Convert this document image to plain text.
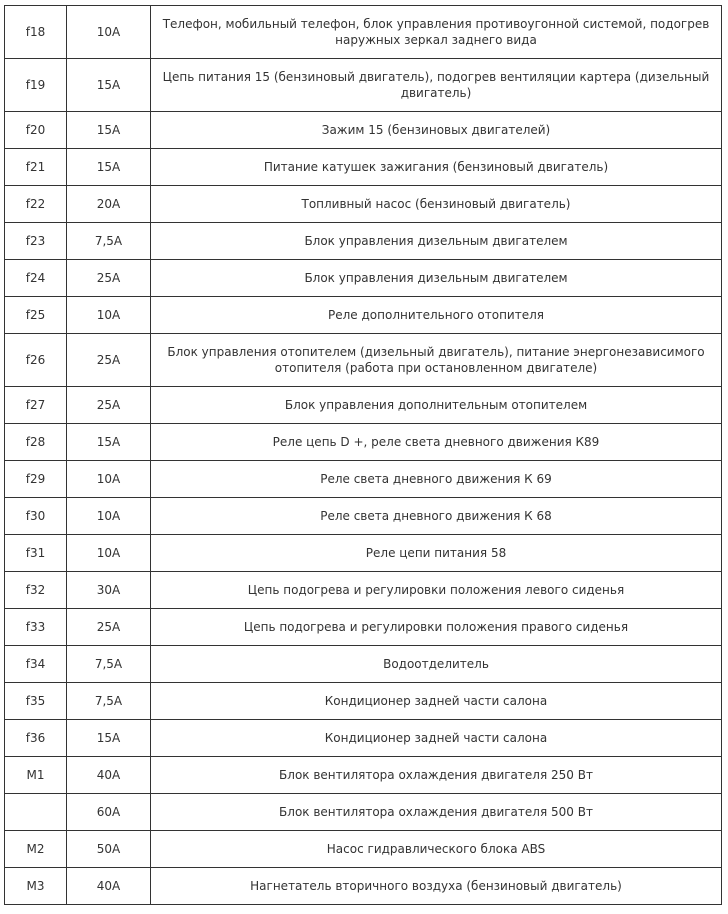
f18	10A	Телефон, мобильный телефон, блок управления противоугонной системой, подогрев наружных зеркал заднего вида
f19	15A	Цепь питания 15 (бензиновый двигатель), подогрев вентиляции картера (дизельный двигатель)
f20	15A	Зажим 15 (бензиновых двигателей)
f21	15A	Питание катушек зажигания (бензиновый двигатель)
f22	20A	Топливный насос (бензиновый двигатель)
f23	7,5A	Блок управления дизельным двигателем
f24	25A	Блок управления дизельным двигателем
f25	10A	Реле дополнительного отопителя
f26	25A	Блок управления отопителем (дизельный двигатель), питание энергонезависимого отопителя (работа при остановленном двигателе)
f27	25A	Блок управления дополнительным отопителем
f28	15A	Реле цепь D +, реле света дневного движения К89
f29	10A	Реле света дневного движения К 69
f30	10A	Реле света дневного движения К 68
f31	10A	Реле цепи питания 58
f32	30A	Цепь подогрева и регулировки положения левого сиденья
f33	25A	Цепь подогрева и регулировки положения правого сиденья
f34	7,5A	Водоотделитель
f35	7,5A	Кондиционер задней части салона
f36	15A	Кондиционер задней части салона
М1	40A	Блок вентилятора охлаждения двигателя 250 Вт
	60A	Блок вентилятора охлаждения двигателя 500 Вт
М2	50A	Насос гидравлического блока ABS
М3	40A	Нагнетатель вторичного воздуха (бензиновый двигатель)
